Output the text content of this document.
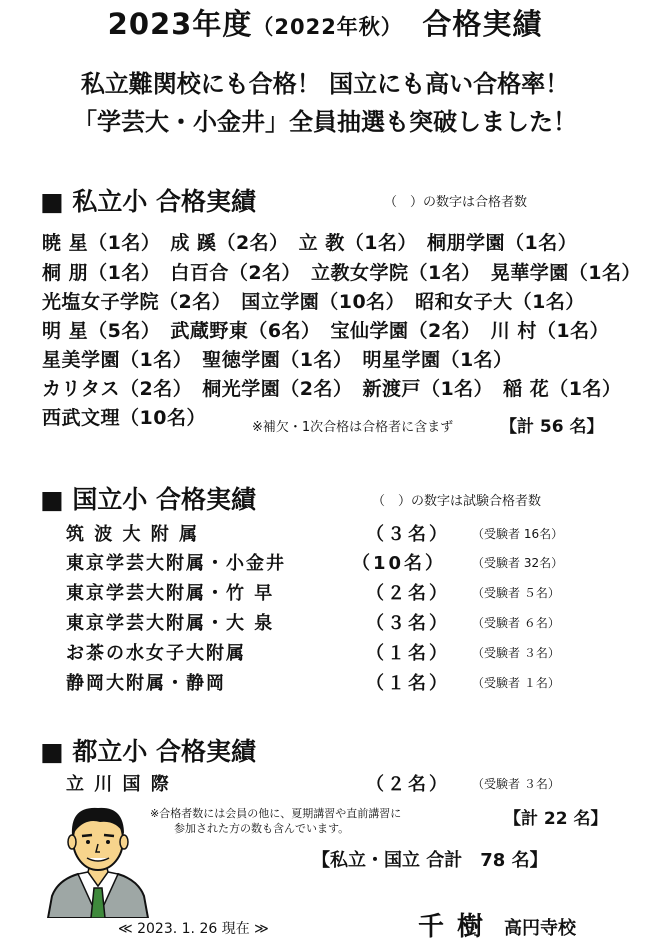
2023年度（2022年秋）　 合格実績
私立難関校にも合格！ 国立にも高い合格率！
「学芸大・小金井」全員抽選も突破しました！
■ 私立小 合格実績	（　）の数字は合格者数
暁 星（1名）　成 蹊（2名）　立 教（1名）　桐朋学園（1名）
桐 朋（1名）　白百合（2名）　立教女学院（1名）　晃華学園（1名）
光塩女子学院（2名）　国立学園（10名）　昭和女子大（1名）
明 星（5名）　武蔵野東（6名）　宝仙学園（2名）　川 村（1名）
星美学園（1名）　聖徳学園（1名）　明星学園（1名）
カリタス（2名）　桐光学園（2名）　新渡戸（1名）　稲 花（1名）
西武文理（10名）	※補欠・1次合格は合格者に含まず	【計 56 名】
■ 国立小 合格実績	（　）の数字は試験合格者数
筑 波 大 附 属	（３名） （受験者 16名）
東京学芸大附属・小金井	（10名） （受験者 32名）
東京学芸大附属・竹 早	（２名） （受験者 ５名）
東京学芸大附属・大 泉	（３名） （受験者 ６名）
お茶の水女子大附属	（１名） （受験者 ３名）
静岡大附属・静岡	（１名） （受験者 １名）
■ 都立小 合格実績
立 川 国 際	（２名） （受験者 ３名）
※合格者数には会員の他に、夏期講習や直前講習に
参加された方の数も含んでいます。	【計 22 名】
【私立・国立 合計　78 名】
≪ 2023. 1. 26 現在 ≫	千 樹 高円寺校
